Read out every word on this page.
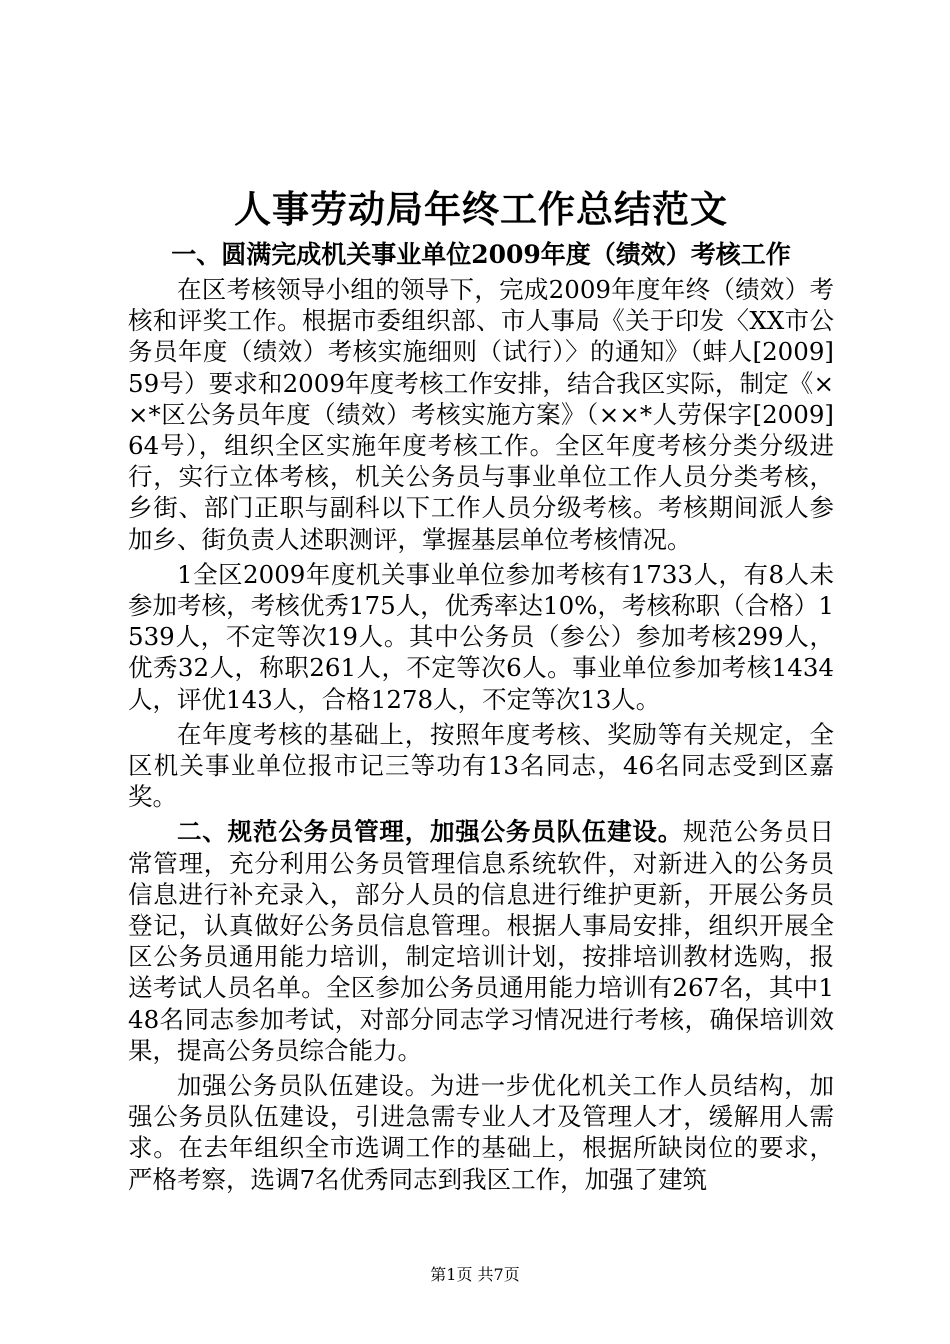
人事劳动局年终工作总结范文
一、圆满完成机关事业单位2009年度（绩效）考核工作

在区考核领导小组的领导下，完成2009年度年终（绩效）考核和评奖工作。根据市委组织部、市人事局《关于印发〈XX市公务员年度（绩效）考核实施细则（试行）〉的通知》（蚌人[2009]59号）要求和2009年度考核工作安排，结合我区实际，制定《××*区公务员年度（绩效）考核实施方案》（××*人劳保字[2009]64号），组织全区实施年度考核工作。全区年度考核分类分级进行，实行立体考核，机关公务员与事业单位工作人员分类考核，乡街、部门正职与副科以下工作人员分级考核。考核期间派人参加乡、街负责人述职测评，掌握基层单位考核情况。

1全区2009年度机关事业单位参加考核有1733人，有8人未参加考核，考核优秀175人，优秀率达10%，考核称职（合格）1539人，不定等次19人。其中公务员（参公）参加考核299人，优秀32人，称职261人，不定等次6人。事业单位参加考核1434人，评优143人，合格1278人，不定等次13人。

在年度考核的基础上，按照年度考核、奖励等有关规定，全区机关事业单位报市记三等功有13名同志，46名同志受到区嘉奖。

二、规范公务员管理，加强公务员队伍建设。规范公务员日常管理，充分利用公务员管理信息系统软件，对新进入的公务员信息进行补充录入，部分人员的信息进行维护更新，开展公务员登记，认真做好公务员信息管理。根据人事局安排，组织开展全区公务员通用能力培训，制定培训计划，按排培训教材选购，报送考试人员名单。全区参加公务员通用能力培训有267名，其中148名同志参加考试，对部分同志学习情况进行考核，确保培训效果，提高公务员综合能力。

加强公务员队伍建设。为进一步优化机关工作人员结构，加强公务员队伍建设，引进急需专业人才及管理人才，缓解用人需求。在去年组织全市选调工作的基础上，根据所缺岗位的要求，严格考察，选调7名优秀同志到我区工作，加强了建筑

第1页 共7页
